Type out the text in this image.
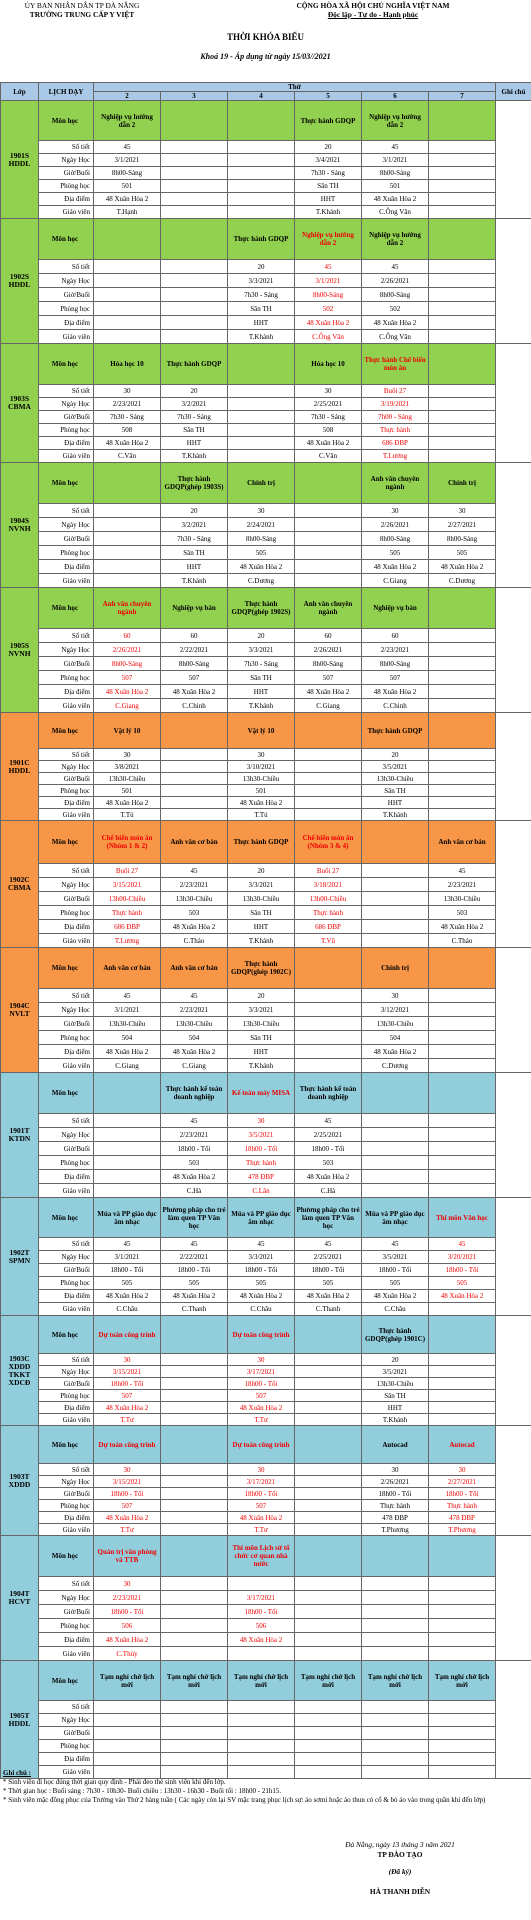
ỦY BAN NHÂN DÂN TP ĐÀ NẴNG
TRƯỜNG TRUNG CẤP Y VIỆT
CỘNG HÒA XÃ HỘI CHỦ NGHĨA VIỆT NAM
Độc lập - Tự do - Hạnh phúc
THỜI KHÓA BIỂU
Khoá 19 - Áp dụng từ ngày 15/03//2021
Lớp	LỊCH DẠY	Thứ						Ghi chú
		2	3	4	5	6	7	
1901S HDDL	Môn học	Nghiệp vụ hướng dẫn 2			Thực hành GDQP	Nghiệp vụ hướng dẫn 2		
	Số tiết	45			20	45		
	Ngày Học	3/1/2021			3/4/2021	3/1/2021		
	Giờ/Buổi	8h00-Sáng			7h30 - Sáng	8h00-Sáng		
	Phòng học	501			Sân TH	501		
	Địa điểm	48 Xuân Hòa 2			HHT	48 Xuân Hòa 2		
	Giáo viên	T.Hạnh			T.Khánh	C.Ông Vân		
1902S HDDL	Môn học			Thực hành GDQP	Nghiệp vụ hướng dẫn 2	Nghiệp vụ hướng dẫn 2		
	Số tiết			20	45	45		
	Ngày Học			3/3/2021	3/1/2021	2/26/2021		
	Giờ/Buổi			7h30 - Sáng	8h00-Sáng	8h00-Sáng		
	Phòng học			Sân TH	502	502		
	Địa điểm			HHT	48 Xuân Hòa 2	48 Xuân Hòa 2		
	Giáo viên			T.Khánh	C.Ông Vân	C.Ông Vân		
1903S CBMA	Môn học	Hóa học 10	Thực hành GDQP		Hóa học 10	Thực hành Chế biến món ăn		
	Số tiết	30	20		30	Buổi 27		
	Ngày Học	2/23/2021	3/2/2021		2/25/2021	3/19/2021		
	Giờ/Buổi	7h30 - Sáng	7h30 - Sáng		7h30 - Sáng	7h00 - Sáng		
	Phòng học	508	Sân TH		508	Thực hành		
	Địa điểm	48 Xuân Hòa 2	HHT		48 Xuân Hòa 2	686 ĐBP		
	Giáo viên	C.Vân	T.Khánh		C.Vân	T.Lương		
1904S NVNH	Môn học		Thực hành GDQP(ghép 1903S)	Chính trị		Anh văn chuyên ngành	Chính trị	
	Số tiết		20	30		30	30	
	Ngày Học		3/2/2021	2/24/2021		2/26/2021	2/27/2021	
	Giờ/Buổi		7h30 - Sáng	8h00-Sáng		8h00-Sáng	8h00-Sáng	
	Phòng học		Sân TH	505		505	505	
	Địa điểm		HHT	48 Xuân Hòa 2		48 Xuân Hòa 2	48 Xuân Hòa 2	
	Giáo viên		T.Khánh	C.Dương		C.Giang	C.Dương	
1905S NVNH	Môn học	Anh văn chuyên ngành	Nghiệp vụ bàn	Thực hành GDQP(ghép 1902S)	Anh văn chuyên ngành	Nghiệp vụ bàn		
	Số tiết	60	60	20	60	60		
	Ngày Học	2/26/2021	2/22/2021	3/3/2021	2/26/2021	2/23/2021		
	Giờ/Buổi	8h00-Sáng	8h00-Sáng	7h30 - Sáng	8h00-Sáng	8h00-Sáng		
	Phòng học	507	507	Sân TH	507	507		
	Địa điểm	48 Xuân Hòa 2	48 Xuân Hòa 2	HHT	48 Xuân Hòa 2	48 Xuân Hòa 2		
	Giáo viên	C.Giang	C.Chinh	T.Khánh	C.Giang	C.Chinh		
1901C HDDL	Môn học	Vật lý 10		Vật lý 10		Thực hành GDQP		
	Số tiết	30		30		20		
	Ngày Học	3/8/2021		3/10/2021		3/5/2021		
	Giờ/Buổi	13h30-Chiều		13h30-Chiều		13h30-Chiều		
	Phòng học	501		501		Sân TH		
	Địa điểm	48 Xuân Hòa 2		48 Xuân Hòa 2		HHT		
	Giáo viên	T.Tú		T.Tú		T.Khánh		
1902C CBMA	Môn học	Chế biến món ăn (Nhóm 1 & 2)	Anh văn cơ bản	Thực hành GDQP	Chế biến món ăn (Nhóm 3 & 4)		Anh văn cơ bản	
	Số tiết	Buổi 27	45	20	Buổi 27		45	
	Ngày Học	3/15/2021	2/23/2021	3/3/2021	3/18/2021		2/23/2021	
	Giờ/Buổi	13h00-Chiều	13h30-Chiều	13h30-Chiều	13h00-Chiều		13h30-Chiều	
	Phòng học	Thực hành	503	Sân TH	Thực hành		503	
	Địa điểm	686 ĐBP	48 Xuân Hòa 2	HHT	686 ĐBP		48 Xuân Hòa 2	
	Giáo viên	T.Lương	C.Thảo	T.Khánh	T.Vũ		C.Thảo	
1904C NVLT	Môn học	Anh văn cơ bản	Anh văn cơ bản	Thực hành GDQP(ghép 1902C)		Chính trị		
	Số tiết	45	45	20		30		
	Ngày Học	3/1/2021	2/23/2021	3/3/2021		3/12/2021		
	Giờ/Buổi	13h30-Chiều	13h30-Chiều	13h30-Chiều		13h30-Chiều		
	Phòng học	504	504	Sân TH		504		
	Địa điểm	48 Xuân Hòa 2	48 Xuân Hòa 2	HHT		48 Xuân Hòa 2		
	Giáo viên	C.Giang	C.Giang	T.Khánh		C.Dương		
1901T KTDN	Môn học		Thực hành kế toán doanh nghiệp	Kế toán máy MISA	Thực hành kế toán doanh nghiệp			
	Số tiết		45	30	45			
	Ngày Học		2/23/2021	3/5/2021	2/25/2021			
	Giờ/Buổi		18h00 - Tối	18h00 - Tối	18h00 - Tối			
	Phòng học		503	Thực hành	503			
	Địa điểm		48 Xuân Hòa 2	478 ĐBP	48 Xuân Hòa 2			
	Giáo viên		C.Hà	C.Lân	C.Hà			
1902T SPMN	Môn học	Múa và PP giáo dục âm nhạc	Phương pháp cho trẻ làm quen TP Văn học	Múa và PP giáo dục âm nhạc	Phương pháp cho trẻ làm quen TP Văn học	Múa và PP giáo dục âm nhạc	Thi môn Văn học	
	Số tiết	45	45	45	45	45	45	
	Ngày Học	3/1/2021	2/22/2021	3/3/2021	2/25/2021	3/5/2021	3/20/2021	
	Giờ/Buổi	18h00 - Tối	18h00 - Tối	18h00 - Tối	18h00 - Tối	18h00 - Tối	18h00 - Tối	
	Phòng học	505	505	505	505	505	505	
	Địa điểm	48 Xuân Hòa 2	48 Xuân Hòa 2	48 Xuân Hòa 2	48 Xuân Hòa 2	48 Xuân Hòa 2	48 Xuân Hòa 2	
	Giáo viên	C.Châu	C.Thanh	C.Châu	C.Thanh	C.Châu		
1903C XDDD TKKT XDCĐ	Môn học	Dự toán công trình		Dự toán công trình		Thực hành GDQP(ghép 1901C)		
	Số tiết	30		30		20		
	Ngày Học	3/15/2021		3/17/2021		3/5/2021		
	Giờ/Buổi	18h00 - Tối		18h00 - Tối		13h30-Chiều		
	Phòng học	507		507		Sân TH		
	Địa điểm	48 Xuân Hòa 2		48 Xuân Hòa 2		HHT		
	Giáo viên	T.Tư		T.Tư		T.Khánh		
1903T XDDD	Môn học	Dự toán công trình		Dự toán công trình		Autocad	Autocad	
	Số tiết	30		30		30	30	
	Ngày Học	3/15/2021		3/17/2021		2/26/2021	2/27/2021	
	Giờ/Buổi	18h00 - Tối		18h00 - Tối		18h00 - Tối	18h00 - Tối	
	Phòng học	507		507		Thực hành	Thực hành	
	Địa điểm	48 Xuân Hòa 2		48 Xuân Hòa 2		478 ĐBP	478 ĐBP	
	Giáo viên	T.Tư		T.Tư		T.Phương	T.Phương	
1904T HCVT	Môn học	Quản trị văn phòng và TTB		Thi môn Lịch sử tổ chức cơ quan nhà nước				
	Số tiết	30						
	Ngày Học	2/23/2021		3/17/2021				
	Giờ/Buổi	18h00 - Tối		18h00 - Tối				
	Phòng học	506		506				
	Địa điểm	48 Xuân Hòa 2		48 Xuân Hòa 2				
	Giáo viên	C.Thùy						
1905T HDDL	Môn học	Tạm nghỉ chờ lịch mới	Tạm nghỉ chờ lịch mới	Tạm nghỉ chờ lịch mới	Tạm nghỉ chờ lịch mới	Tạm nghỉ chờ lịch mới	Tạm nghỉ chờ lịch mới	
	Số tiết							
	Ngày Học							
	Giờ/Buổi							
	Phòng học							
	Địa điểm							
	Giáo viên							
Ghi chú :
* Sinh viên đi học đúng thời gian quy định - Phải đeo thẻ sinh viên khi đến lớp.
* Thời gian học : Buổi sáng : 7h30 - 10h30- Buổi chiều : 13h30 - 16h30 - Buổi tối : 18h00 - 21h15.
* Sinh viên mặc đồng phục của Trường vào Thứ 2 hàng tuần ( Các ngày còn lại SV mặc trang phục lịch sự: áo sơmi hoặc áo thun có cổ & bỏ áo vào trong quần khi đến lớp)
Đà Nẵng, ngày 13 tháng 3 năm 2021
TP ĐÀO TẠO
(Đã ký)
HÀ THANH DIỄN
